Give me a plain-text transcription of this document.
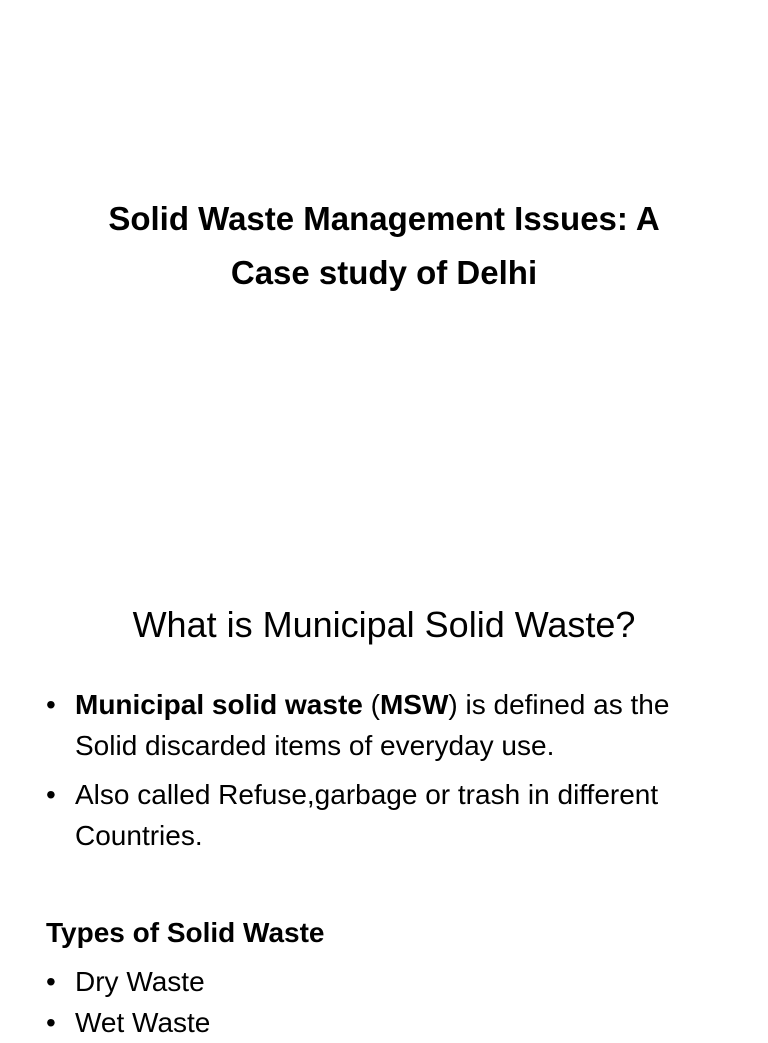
Solid Waste Management Issues: A
Case study of Delhi
What is Municipal Solid Waste?
• Municipal solid waste (MSW) is defined as the Solid discarded items of everyday use.
• Also called Refuse,garbage or trash in different Countries.

Types of Solid Waste

• Dry Waste
• Wet Waste
